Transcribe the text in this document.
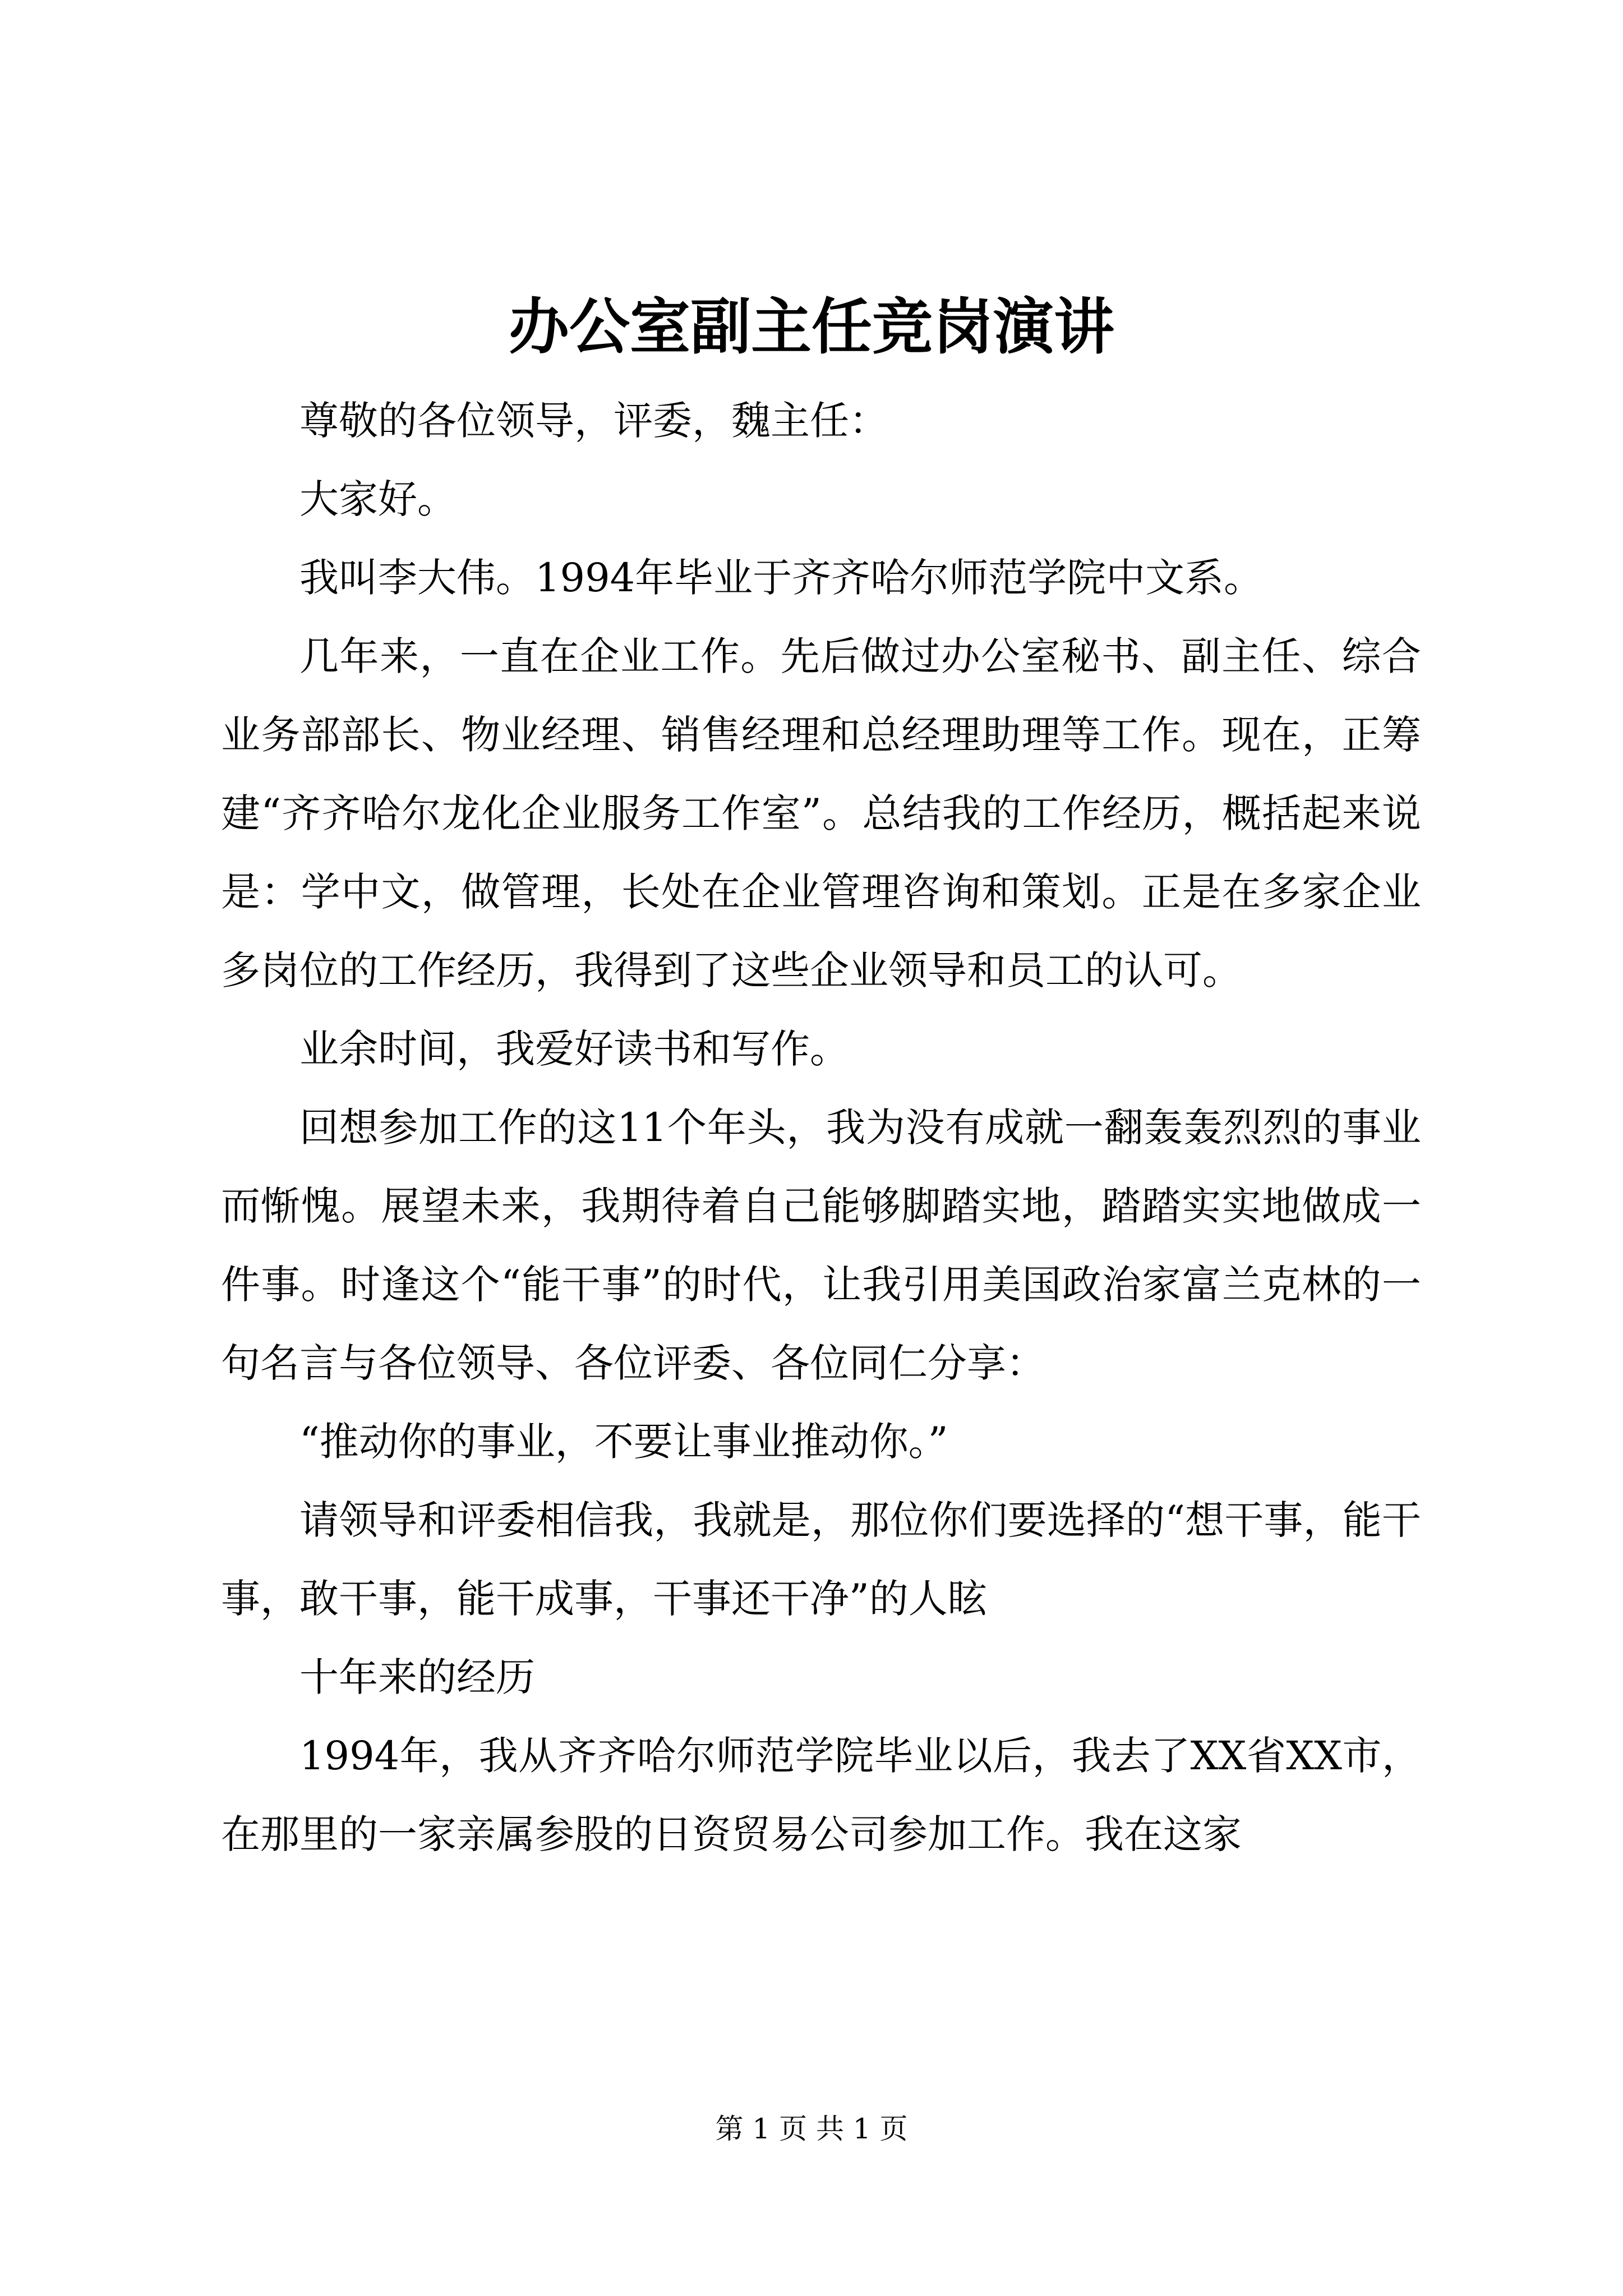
办公室副主任竞岗演讲

尊敬的各位领导，评委，魏主任：

大家好。

我叫李大伟。1994年毕业于齐齐哈尔师范学院中文系。

几年来，一直在企业工作。先后做过办公室秘书、副主任、综合业务部部长、物业经理、销售经理和总经理助理等工作。现在，正筹建“齐齐哈尔龙化企业服务工作室”。总结我的工作经历，概括起来说是：学中文，做管理，长处在企业管理咨询和策划。正是在多家企业多岗位的工作经历，我得到了这些企业领导和员工的认可。

业余时间，我爱好读书和写作。

回想参加工作的这11个年头，我为没有成就一翻轰轰烈烈的事业而惭愧。展望未来，我期待着自己能够脚踏实地，踏踏实实地做成一件事。时逢这个“能干事”的时代，让我引用美国政治家富兰克林的一句名言与各位领导、各位评委、各位同仁分享：

“推动你的事业，不要让事业推动你。”

请领导和评委相信我，我就是，那位你们要选择的“想干事，能干事，敢干事，能干成事，干事还干净”的人眩

十年来的经历

1994年，我从齐齐哈尔师范学院毕业以后，我去了XX省XX市，在那里的一家亲属参股的日资贸易公司参加工作。我在这家

第 1 页 共 1 页
